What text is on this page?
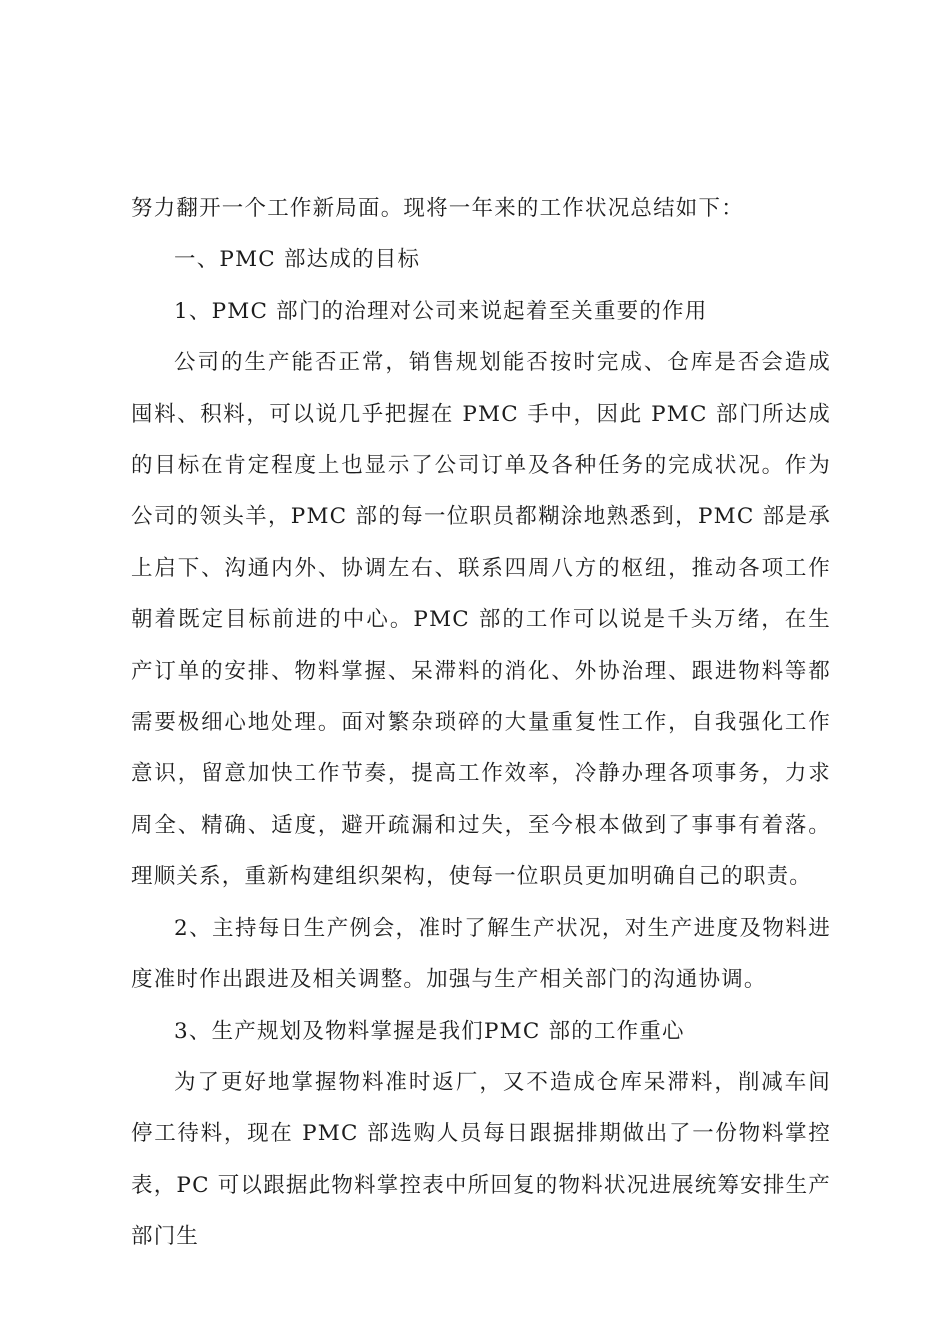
努力翻开一个工作新局面。现将一年来的工作状况总结如下：

一、PMC 部达成的目标

1、PMC 部门的治理对公司来说起着至关重要的作用

公司的生产能否正常，销售规划能否按时完成、仓库是否会造成囤料、积料，可以说几乎把握在 PMC 手中，因此 PMC 部门所达成的目标在肯定程度上也显示了公司订单及各种任务的完成状况。作为公司的领头羊，PMC 部的每一位职员都糊涂地熟悉到，PMC 部是承上启下、沟通内外、协调左右、联系四周八方的枢纽，推动各项工作朝着既定目标前进的中心。PMC 部的工作可以说是千头万绪，在生产订单的安排、物料掌握、呆滞料的消化、外协治理、跟进物料等都需要极细心地处理。面对繁杂琐碎的大量重复性工作，自我强化工作意识，留意加快工作节奏，提高工作效率，冷静办理各项事务，力求周全、精确、适度，避开疏漏和过失，至今根本做到了事事有着落。理顺关系，重新构建组织架构，使每一位职员更加明确自己的职责。

2、主持每日生产例会，准时了解生产状况，对生产进度及物料进度准时作出跟进及相关调整。加强与生产相关部门的沟通协调。

3、生产规划及物料掌握是我们PMC 部的工作重心

为了更好地掌握物料准时返厂，又不造成仓库呆滞料，削减车间停工待料，现在 PMC 部选购人员每日跟据排期做出了一份物料掌控表，PC 可以跟据此物料掌控表中所回复的物料状况进展统筹安排生产部门生
